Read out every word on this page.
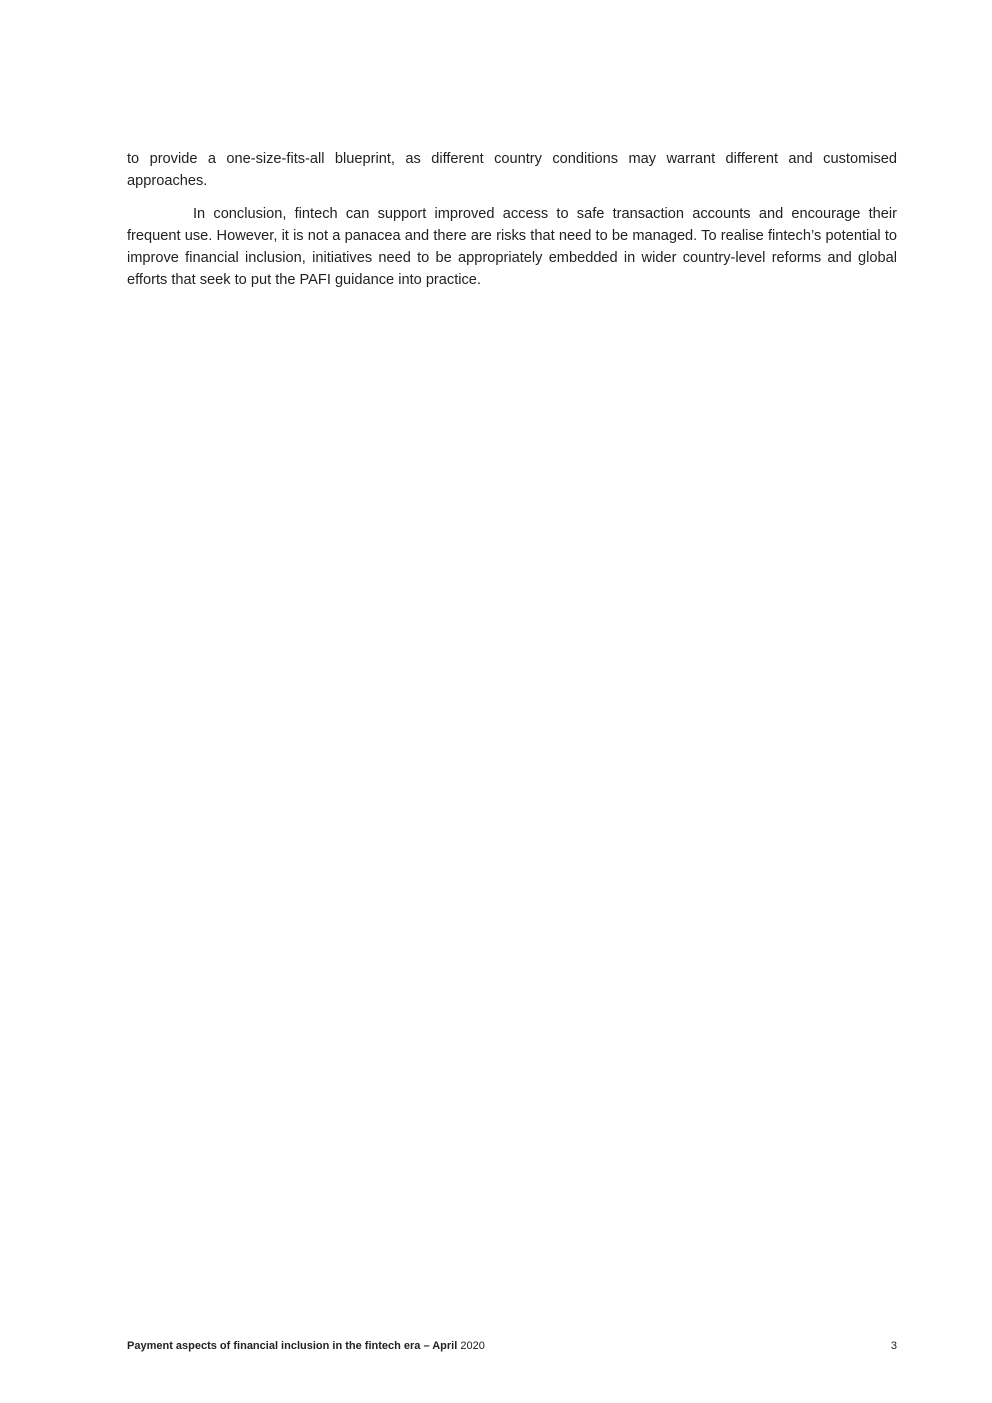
to provide a one-size-fits-all blueprint, as different country conditions may warrant different and customised approaches.

In conclusion, fintech can support improved access to safe transaction accounts and encourage their frequent use. However, it is not a panacea and there are risks that need to be managed. To realise fintech’s potential to improve financial inclusion, initiatives need to be appropriately embedded in wider country-level reforms and global efforts that seek to put the PAFI guidance into practice.

Payment aspects of financial inclusion in the fintech era – April 2020	3
